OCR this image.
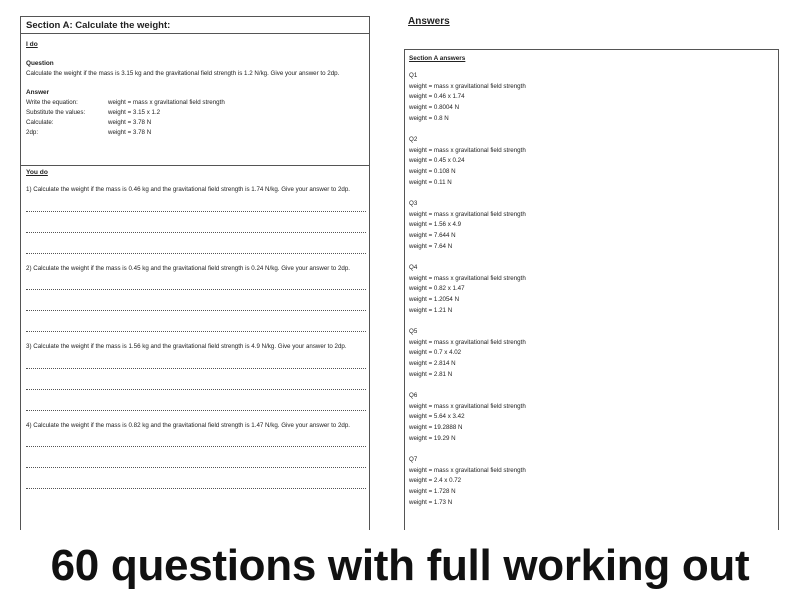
Section A: Calculate the weight:
I do
Question
Calculate the weight if the mass is 3.15 kg and the gravitational field strength is 1.2 N/kg. Give your answer to 2dp.
Answer
Write the equation:	weight = mass x gravitational field strength
Substitute the values:	weight = 3.15 x 1.2
Calculate:	weight = 3.78 N
2dp:	weight = 3.78 N
You do
1) Calculate the weight if the mass is 0.46 kg and the gravitational field strength is 1.74 N/kg. Give your answer to 2dp.
2) Calculate the weight if the mass is 0.45 kg and the gravitational field strength is 0.24 N/kg. Give your answer to 2dp.
3) Calculate the weight if the mass is 1.56 kg and the gravitational field strength is 4.9 N/kg. Give your answer to 2dp.
4) Calculate the weight if the mass is 0.82 kg and the gravitational field strength is 1.47 N/kg. Give your answer to 2dp.
Answers
Section A answers
Q1
weight = mass x gravitational field strength
weight = 0.46 x 1.74
weight = 0.8004 N
weight = 0.8 N
Q2
weight = mass x gravitational field strength
weight = 0.45 x 0.24
weight = 0.108 N
weight = 0.11 N
Q3
weight = mass x gravitational field strength
weight = 1.56 x 4.9
weight = 7.644 N
weight = 7.64 N
Q4
weight = mass x gravitational field strength
weight = 0.82 x 1.47
weight = 1.2054 N
weight = 1.21 N
Q5
weight = mass x gravitational field strength
weight = 0.7 x 4.02
weight = 2.814 N
weight = 2.81 N
Q6
weight = mass x gravitational field strength
weight = 5.64 x 3.42
weight = 19.2888 N
weight = 19.29 N
Q7
weight = mass x gravitational field strength
weight = 2.4 x 0.72
weight = 1.728 N
weight = 1.73 N
60 questions with full working out
